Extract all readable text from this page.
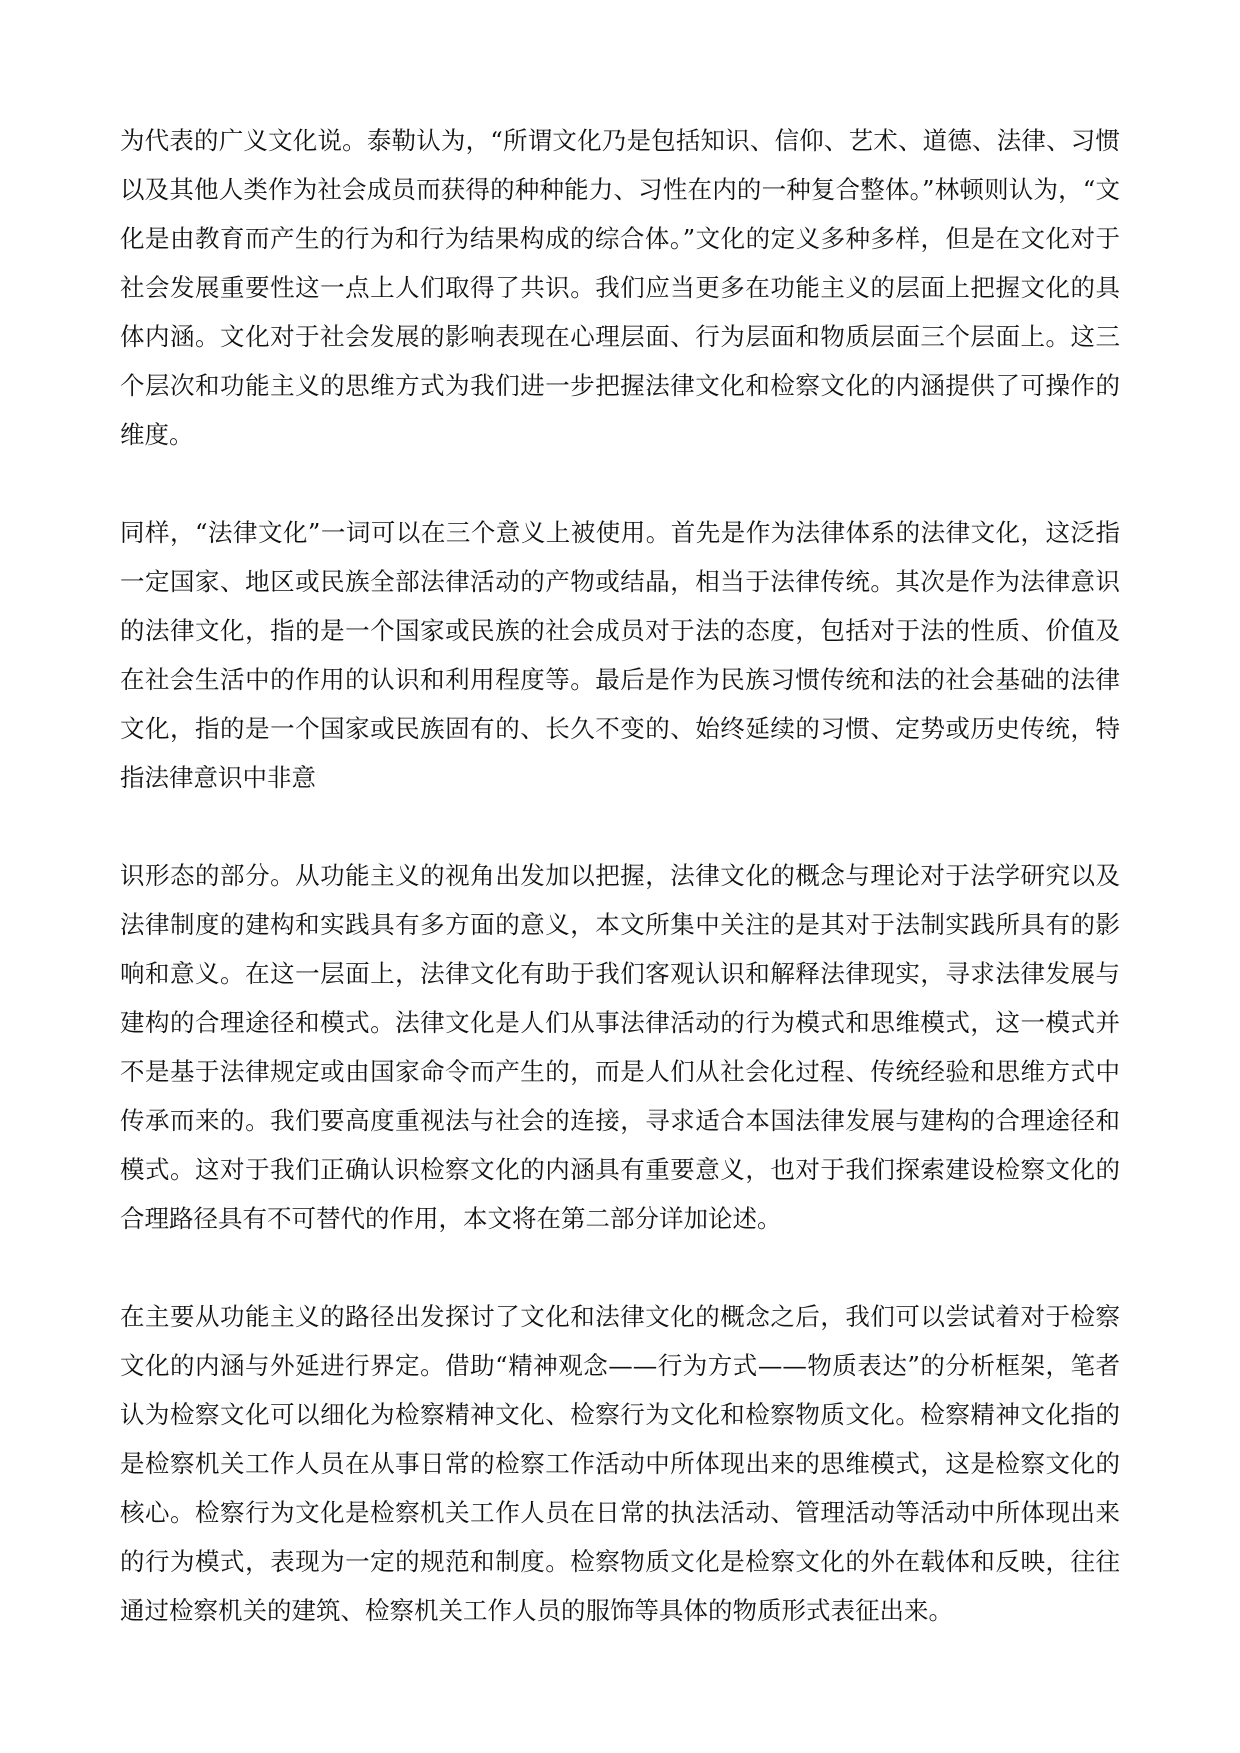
为代表的广义文化说。泰勒认为，“所谓文化乃是包括知识、信仰、艺术、道德、法律、习惯以及其他人类作为社会成员而获得的种种能力、习性在内的一种复合整体。”林顿则认为，“文化是由教育而产生的行为和行为结果构成的综合体。”文化的定义多种多样，但是在文化对于社会发展重要性这一点上人们取得了共识。我们应当更多在功能主义的层面上把握文化的具体内涵。文化对于社会发展的影响表现在心理层面、行为层面和物质层面三个层面上。这三个层次和功能主义的思维方式为我们进一步把握法律文化和检察文化的内涵提供了可操作的维度。

同样，“法律文化”一词可以在三个意义上被使用。首先是作为法律体系的法律文化，这泛指一定国家、地区或民族全部法律活动的产物或结晶，相当于法律传统。其次是作为法律意识的法律文化，指的是一个国家或民族的社会成员对于法的态度，包括对于法的性质、价值及在社会生活中的作用的认识和利用程度等。最后是作为民族习惯传统和法的社会基础的法律文化，指的是一个国家或民族固有的、长久不变的、始终延续的习惯、定势或历史传统，特指法律意识中非意

识形态的部分。从功能主义的视角出发加以把握，法律文化的概念与理论对于法学研究以及法律制度的建构和实践具有多方面的意义，本文所集中关注的是其对于法制实践所具有的影响和意义。在这一层面上，法律文化有助于我们客观认识和解释法律现实，寻求法律发展与建构的合理途径和模式。法律文化是人们从事法律活动的行为模式和思维模式，这一模式并不是基于法律规定或由国家命令而产生的，而是人们从社会化过程、传统经验和思维方式中传承而来的。我们要高度重视法与社会的连接，寻求适合本国法律发展与建构的合理途径和模式。这对于我们正确认识检察文化的内涵具有重要意义，也对于我们探索建设检察文化的合理路径具有不可替代的作用，本文将在第二部分详加论述。

在主要从功能主义的路径出发探讨了文化和法律文化的概念之后，我们可以尝试着对于检察文化的内涵与外延进行界定。借助“精神观念——行为方式——物质表达”的分析框架，笔者认为检察文化可以细化为检察精神文化、检察行为文化和检察物质文化。检察精神文化指的是检察机关工作人员在从事日常的检察工作活动中所体现出来的思维模式，这是检察文化的核心。检察行为文化是检察机关工作人员在日常的执法活动、管理活动等活动中所体现出来的行为模式，表现为一定的规范和制度。检察物质文化是检察文化的外在载体和反映，往往通过检察机关的建筑、检察机关工作人员的服饰等具体的物质形式表征出来。
